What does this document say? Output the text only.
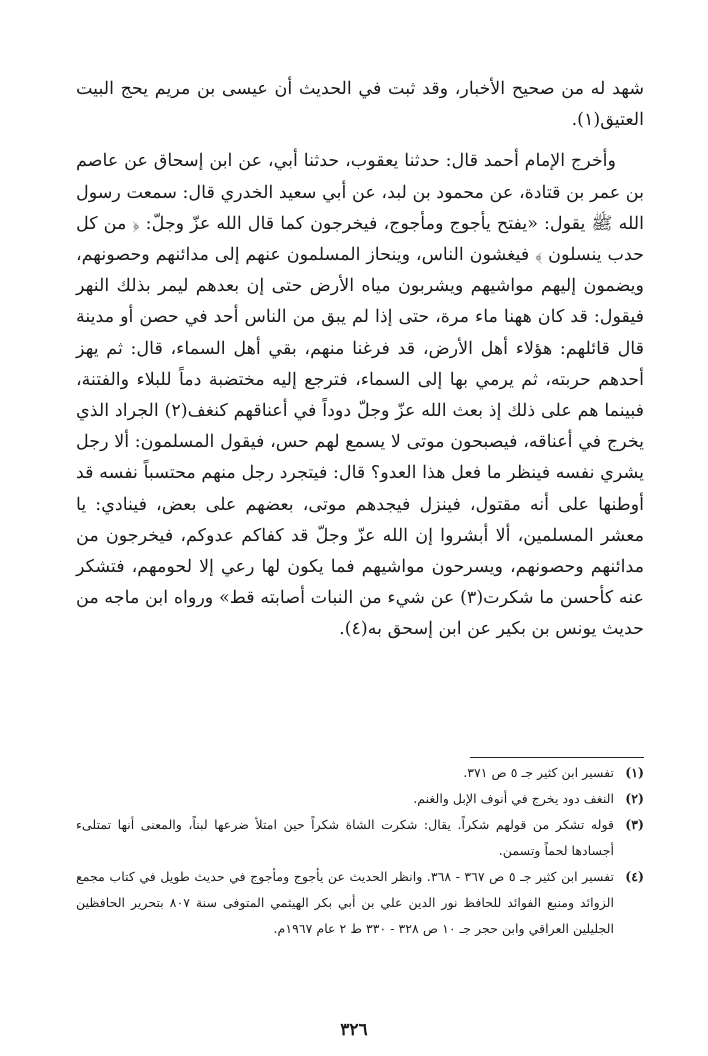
شهد له من صحيح الأخبار، وقد ثبت في الحديث أن عيسى بن مريم يحج البيت العتيق(١).

وأخرج الإمام أحمد قال: حدثنا يعقوب، حدثنا أبي، عن ابن إسحاق عن عاصم بن عمر بن قتادة، عن محمود بن لبد، عن أبي سعيد الخدري قال: سمعت رسول الله ﷺ يقول: «يفتح يأجوج ومأجوج، فيخرجون كما قال الله عزّ وجلّ: ﴿ من كل حدب ينسلون ﴾ فيغشون الناس، وينحاز المسلمون عنهم إلى مدائنهم وحصونهم، ويضمون إليهم مواشيهم ويشربون مياه الأرض حتى إن بعدهم ليمر بذلك النهر فيقول: قد كان ههنا ماء مرة، حتى إذا لم يبق من الناس أحد في حصن أو مدينة قال قائلهم: هؤلاء أهل الأرض، قد فرغنا منهم، بقي أهل السماء، قال: ثم يهز أحدهم حربته، ثم يرمي بها إلى السماء، فترجع إليه مختضبة دماً للبلاء والفتنة، فبينما هم على ذلك إذ بعث الله عزّ وجلّ دوداً في أعناقهم كنغف(٢) الجراد الذي يخرج في أعناقه، فيصبحون موتى لا يسمع لهم حس، فيقول المسلمون: ألا رجل يشري نفسه فينظر ما فعل هذا العدو؟ قال: فيتجرد رجل منهم محتسباً نفسه قد أوطنها على أنه مقتول، فينزل فيجدهم موتى، بعضهم على بعض، فينادي: يا معشر المسلمين، ألا أبشروا إن الله عزّ وجلّ قد كفاكم عدوكم، فيخرجون من مدائنهم وحصونهم، ويسرحون مواشيهم فما يكون لها رعي إلا لحومهم، فتشكر عنه كأحسن ما شكرت(٣) عن شيء من النبات أصابته قط» ورواه ابن ماجه من حديث يونس بن بكير عن ابن إسحق به(٤).

(١)
تفسير ابن كثير جـ ٥ ص ٣٧١.
(٢)
النغف دود يخرج في أنوف الإبل والغنم.
(٣)
قوله تشكر من قولهم شكراً. يقال: شكرت الشاة شكراً حين امتلأ ضرعها لبناً، والمعنى أنها تمتلىء أجسادها لحماً وتسمن.
(٤)
تفسير ابن كثير جـ ٥ ص ٣٦٧ - ٣٦٨. وانظر الحديث عن يأجوج ومأجوج في حديث طويل في كتاب مجمع الزوائد ومنبع الفوائد للحافظ نور الدين علي بن أبي بكر الهيثمي المتوفى سنة ٨٠٧ بتحرير الحافظين الجليلين العراقي وابن حجر جـ ١٠ ص ٣٢٨ - ٣٣٠ ط ٢ عام ١٩٦٧م.
٣٢٦
